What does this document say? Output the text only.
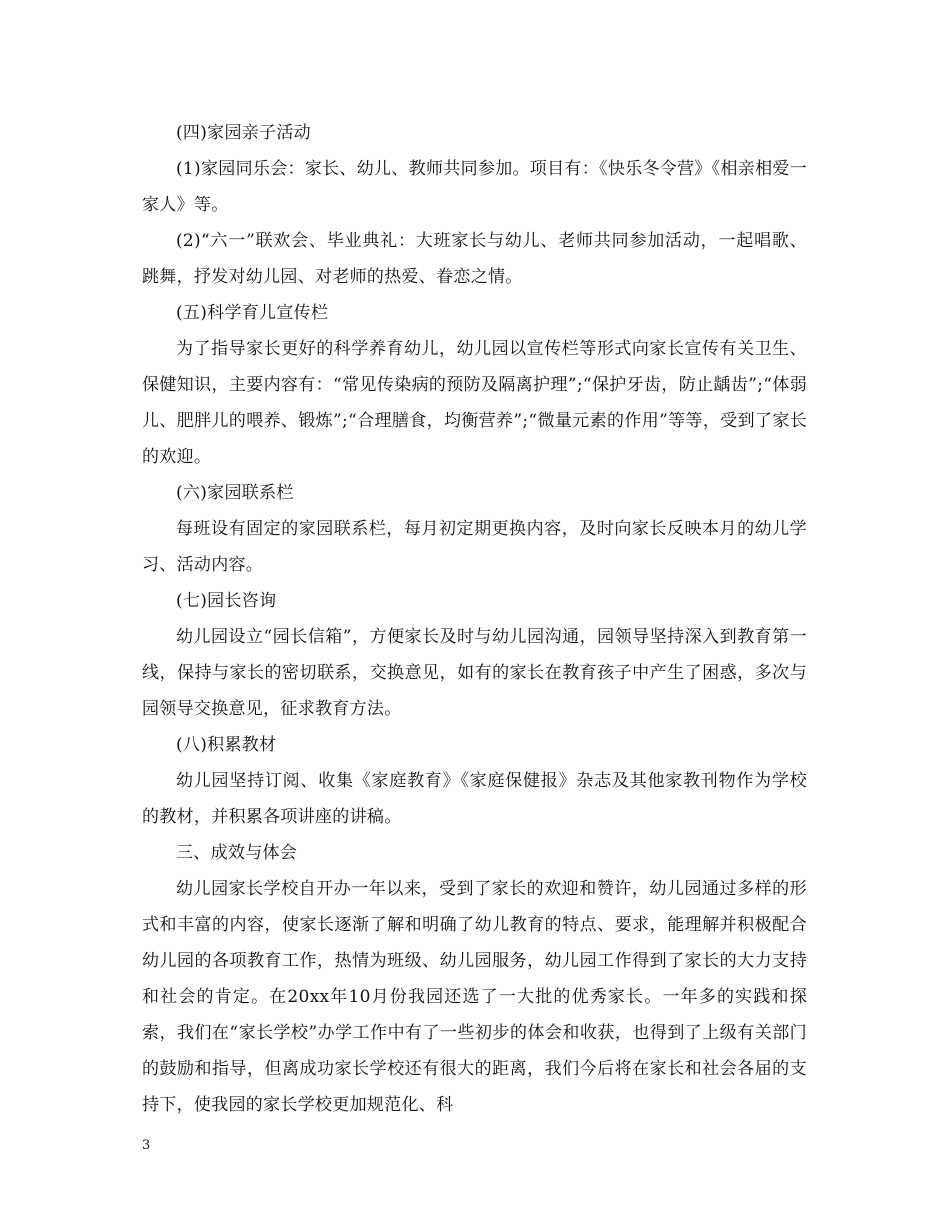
(四)家园亲子活动

(1)家园同乐会：家长、幼儿、教师共同参加。项目有：《快乐冬令营》《相亲相爱一家人》等。

(2)“六一”联欢会、毕业典礼：大班家长与幼儿、老师共同参加活动，一起唱歌、跳舞，抒发对幼儿园、对老师的热爱、眷恋之情。

(五)科学育儿宣传栏

为了指导家长更好的科学养育幼儿，幼儿园以宣传栏等形式向家长宣传有关卫生、保健知识，主要内容有：“常见传染病的预防及隔离护理”;“保护牙齿，防止龋齿”;“体弱儿、肥胖儿的喂养、锻炼”;“合理膳食，均衡营养”;“微量元素的作用”等等，受到了家长的欢迎。

(六)家园联系栏

每班设有固定的家园联系栏，每月初定期更换内容，及时向家长反映本月的幼儿学习、活动内容。

(七)园长咨询

幼儿园设立“园长信箱”，方便家长及时与幼儿园沟通，园领导坚持深入到教育第一线，保持与家长的密切联系，交换意见，如有的家长在教育孩子中产生了困惑，多次与园领导交换意见，征求教育方法。

(八)积累教材

幼儿园坚持订阅、收集《家庭教育》《家庭保健报》杂志及其他家教刊物作为学校的教材，并积累各项讲座的讲稿。

三、成效与体会

幼儿园家长学校自开办一年以来，受到了家长的欢迎和赞许，幼儿园通过多样的形式和丰富的内容，使家长逐渐了解和明确了幼儿教育的特点、要求，能理解并积极配合幼儿园的各项教育工作，热情为班级、幼儿园服务，幼儿园工作得到了家长的大力支持和社会的肯定。在20xx年10月份我园还选了一大批的优秀家长。一年多的实践和探索，我们在“家长学校”办学工作中有了一些初步的体会和收获，也得到了上级有关部门的鼓励和指导，但离成功家长学校还有很大的距离，我们今后将在家长和社会各届的支持下，使我园的家长学校更加规范化、科

3
